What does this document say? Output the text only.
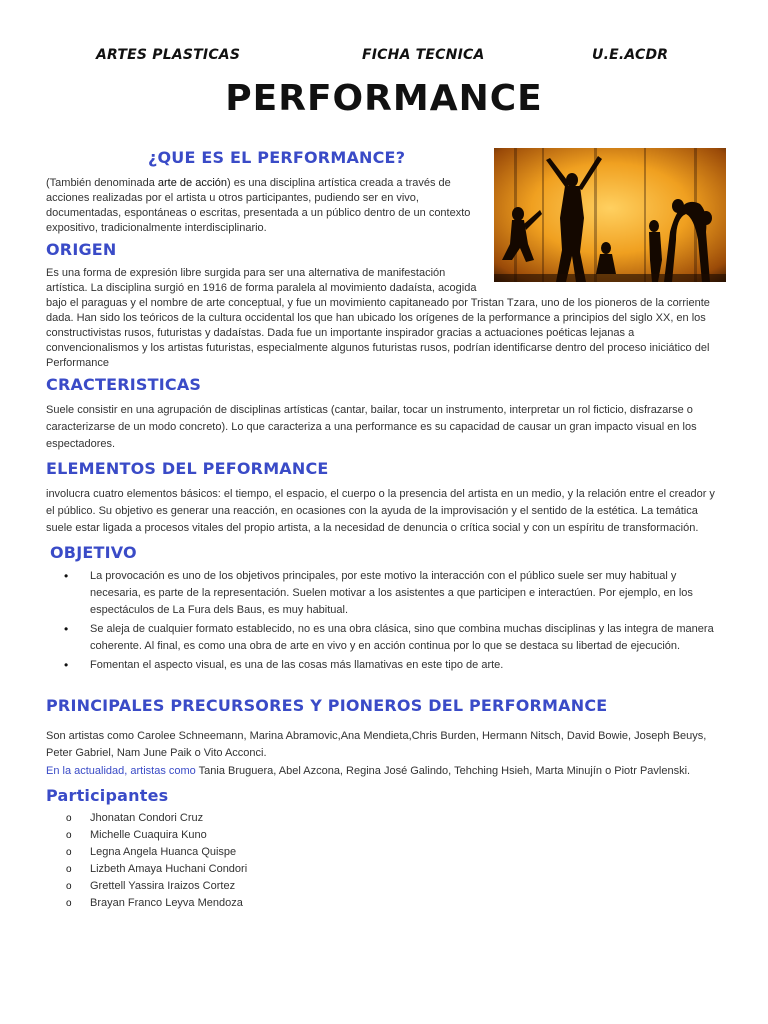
ARTES PLASTICAS	FICHA TECNICA	U.E.ACDR
PERFORMANCE
¿QUE ES EL PERFORMANCE?

(También denominada arte de acción) es una disciplina artística creada a través de acciones realizadas por el artista u otros participantes, pudiendo ser en vivo, documentadas, espontáneas o escritas, presentada a un público dentro de un contexto expositivo, tradicionalmente interdisciplinario.

ORIGEN

Es una forma de expresión libre surgida para ser una alternativa de manifestación artística. La disciplina surgió en 1916 de forma paralela al movimiento dadaísta, acogida bajo el paraguas y el nombre de arte conceptual, y fue un movimiento capitaneado por Tristan Tzara, uno de los pioneros de la corriente dada. Han sido los teóricos de la cultura occidental los que han ubicado los orígenes de la performance a principios del siglo XX, en los constructivistas rusos, futuristas y dadaístas. Dada fue un importante inspirador gracias a actuaciones poéticas lejanas a convencionalismos y los artistas futuristas, especialmente algunos futuristas rusos, podrían identificarse dentro del proceso iniciático del Performance

CRACTERISTICAS

Suele consistir en una agrupación de disciplinas artísticas (cantar, bailar, tocar un instrumento, interpretar un rol ficticio, disfrazarse o caracterizarse de un modo concreto). Lo que caracteriza a una performance es su capacidad de causar un gran impacto visual en los espectadores.

ELEMENTOS DEL PEFORMANCE

involucra cuatro elementos básicos: el tiempo, el espacio, el cuerpo o la presencia del artista en un medio, y la relación entre el creador y el público. Su objetivo es generar una reacción, en ocasiones con la ayuda de la improvisación y el sentido de la estética. La temática suele estar ligada a procesos vitales del propio artista, a la necesidad de denuncia o crítica social y con un espíritu de transformación.

OBJETIVO
• La provocación es uno de los objetivos principales, por este motivo la interacción con el público suele ser muy habitual y necesaria, es parte de la representación. Suelen motivar a los asistentes a que participen e interactúen. Por ejemplo, en los espectáculos de La Fura dels Baus, es muy habitual.
• Se aleja de cualquier formato establecido, no es una obra clásica, sino que combina muchas disciplinas y las integra de manera coherente. Al final, es como una obra de arte en vivo y en acción continua por lo que se destaca su libertad de ejecución.
• Fomentan el aspecto visual, es una de las cosas más llamativas en este tipo de arte.
PRINCIPALES PRECURSORES Y PIONEROS DEL PERFORMANCE

Son artistas como Carolee Schneemann, Marina Abramovic,Ana Mendieta,Chris Burden, Hermann Nitsch, David Bowie, Joseph Beuys, Peter Gabriel, Nam June Paik o Vito Acconci.

En la actualidad, artistas como Tania Bruguera, Abel Azcona, Regina José Galindo, Tehching Hsieh, Marta Minujín o Piotr Pavlenski.

Participantes
o Jhonatan Condori Cruz
o Michelle Cuaquira Kuno
o Legna Angela Huanca Quispe
o Lizbeth Amaya Huchani Condori
o Grettell Yassira Iraizos Cortez
o Brayan Franco Leyva Mendoza
